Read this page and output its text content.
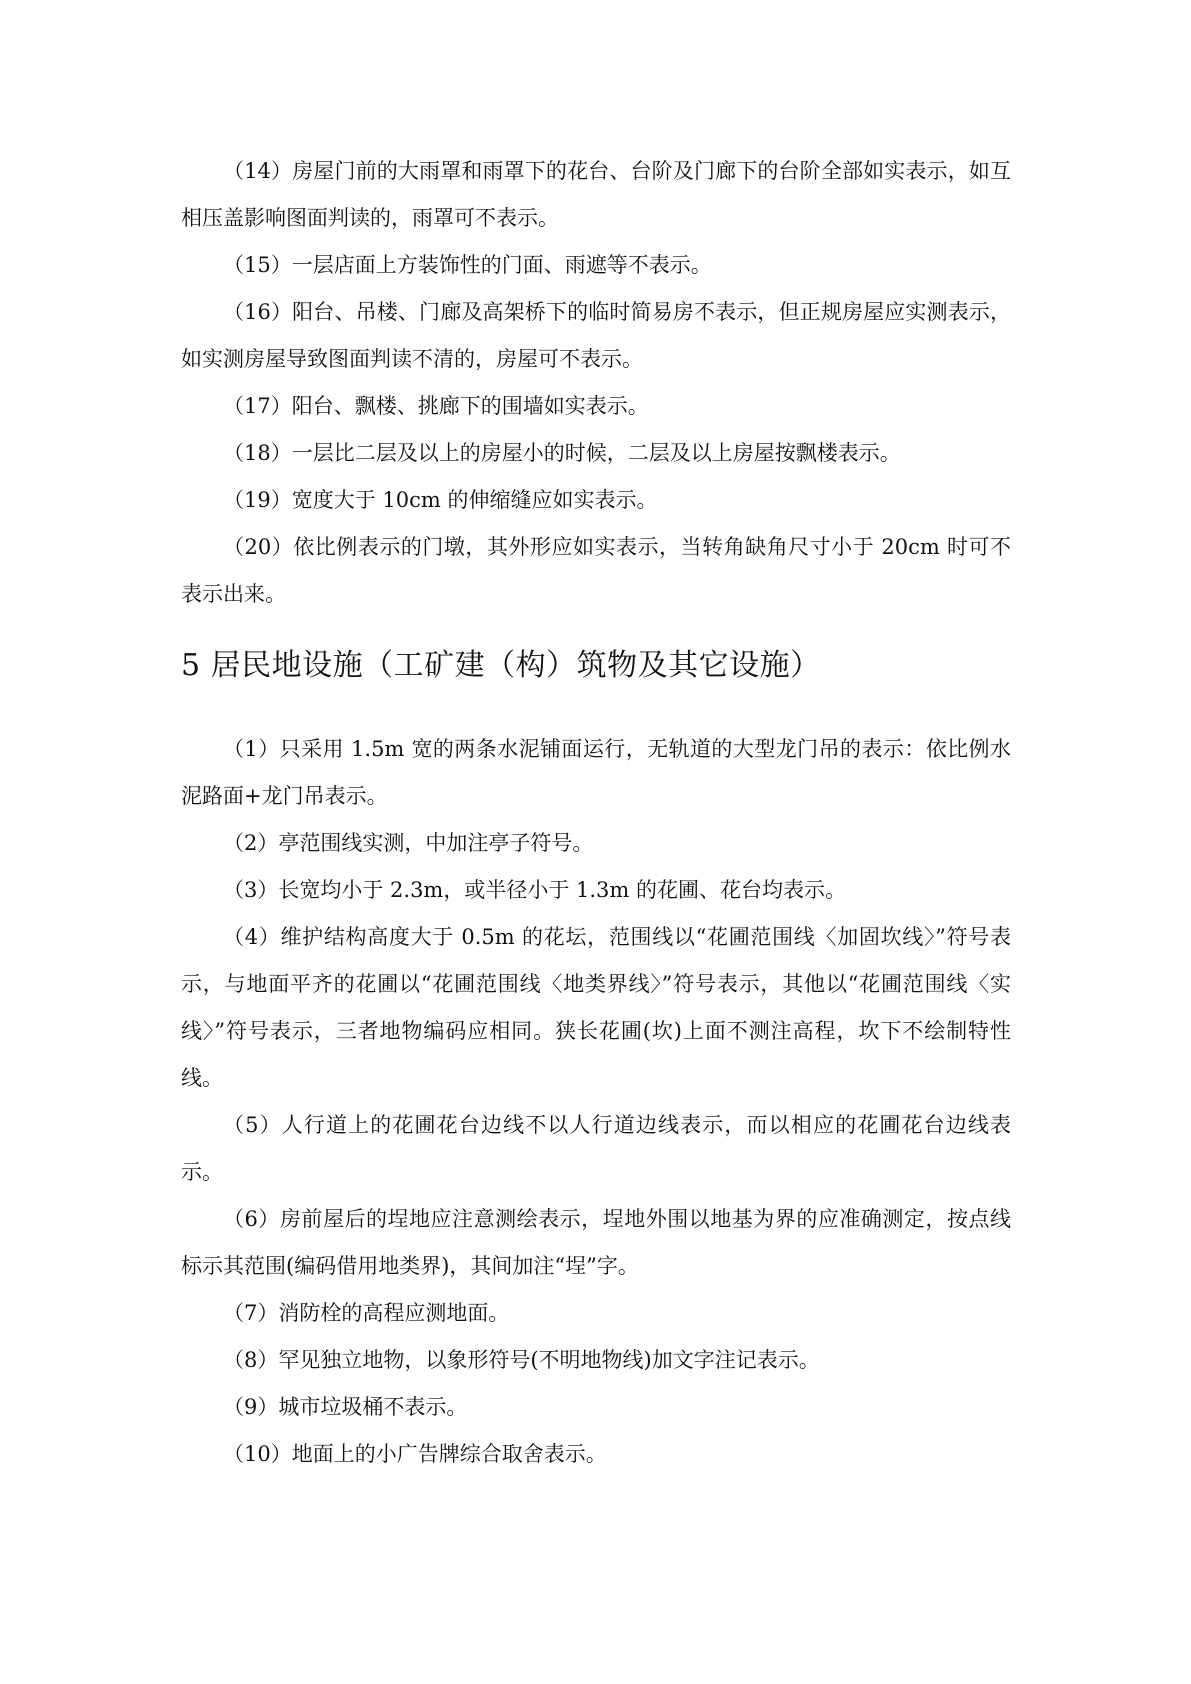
（14）房屋门前的大雨罩和雨罩下的花台、台阶及门廊下的台阶全部如实表示，如互相压盖影响图面判读的，雨罩可不表示。

（15）一层店面上方装饰性的门面、雨遮等不表示。

（16）阳台、吊楼、门廊及高架桥下的临时简易房不表示，但正规房屋应实测表示，如实测房屋导致图面判读不清的，房屋可不表示。

（17）阳台、飘楼、挑廊下的围墙如实表示。

（18）一层比二层及以上的房屋小的时候，二层及以上房屋按飘楼表示。

（19）宽度大于 10cm 的伸缩缝应如实表示。

（20）依比例表示的门墩，其外形应如实表示，当转角缺角尺寸小于 20cm 时可不表示出来。

5 居民地设施（工矿建（构）筑物及其它设施）

（1）只采用 1.5m 宽的两条水泥铺面运行，无轨道的大型龙门吊的表示：依比例水泥路面+龙门吊表示。

（2）亭范围线实测，中加注亭子符号。

（3）长宽均小于 2.3m，或半径小于 1.3m 的花圃、花台均表示。

（4）维护结构高度大于 0.5m 的花坛，范围线以“花圃范围线〈加固坎线〉”符号表示，与地面平齐的花圃以“花圃范围线〈地类界线〉”符号表示，其他以“花圃范围线〈实线〉”符号表示，三者地物编码应相同。狭长花圃(坎)上面不测注高程，坎下不绘制特性线。

（5）人行道上的花圃花台边线不以人行道边线表示，而以相应的花圃花台边线表示。

（6）房前屋后的埕地应注意测绘表示，埕地外围以地基为界的应准确测定，按点线标示其范围(编码借用地类界)，其间加注“埕”字。

（7）消防栓的高程应测地面。

（8）罕见独立地物，以象形符号(不明地物线)加文字注记表示。

（9）城市垃圾桶不表示。

（10）地面上的小广告牌综合取舍表示。
